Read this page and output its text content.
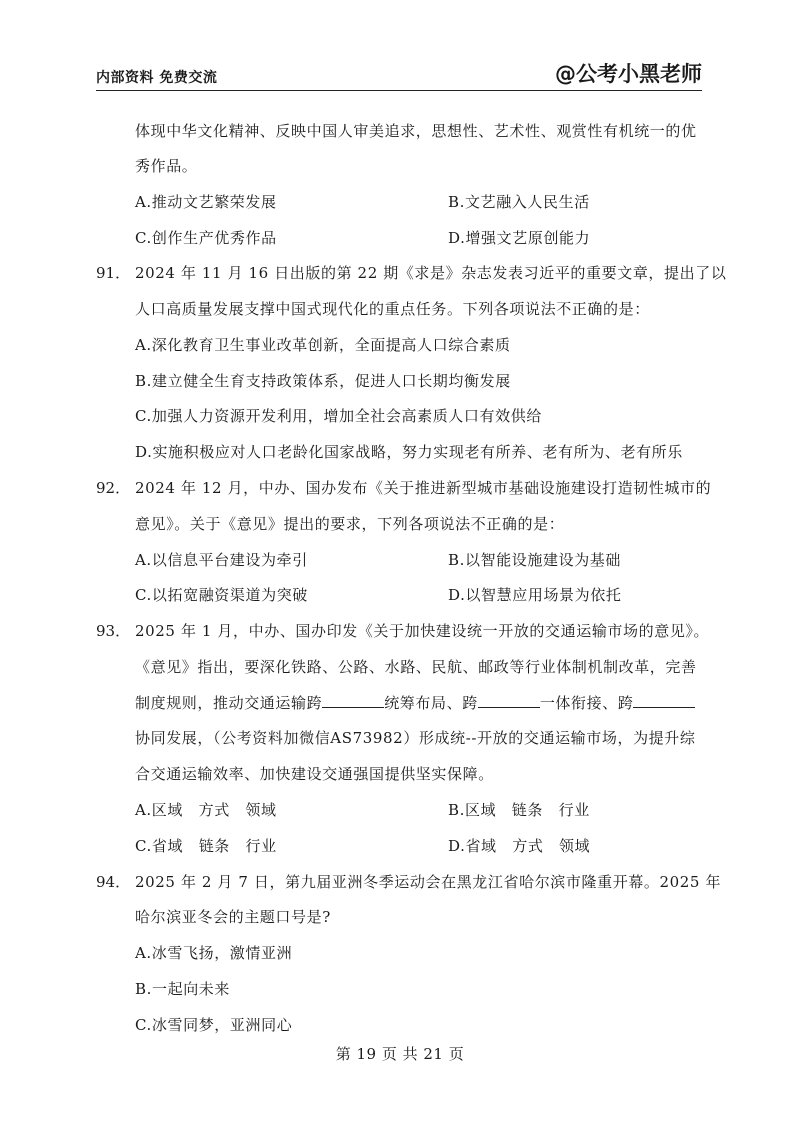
内部资料 免费交流	@公考小黑老师
体现中华文化精神、反映中国人审美追求，思想性、艺术性、观赏性有机统一的优
秀作品。
A.推动文艺繁荣发展	B.文艺融入人民生活
C.创作生产优秀作品	D.增强文艺原创能力
91． 2024 年 11 月 16 日出版的第 22 期《求是》杂志发表习近平的重要文章，提出了以
人口高质量发展支撑中国式现代化的重点任务。下列各项说法不正确的是：
A.深化教育卫生事业改革创新，全面提高人口综合素质
B.建立健全生育支持政策体系，促进人口长期均衡发展
C.加强人力资源开发利用，增加全社会高素质人口有效供给
D.实施积极应对人口老龄化国家战略，努力实现老有所养、老有所为、老有所乐
92． 2024 年 12 月，中办、国办发布《关于推进新型城市基础设施建设打造韧性城市的
意见》。关于《意见》提出的要求，下列各项说法不正确的是：
A.以信息平台建设为牵引	B.以智能设施建设为基础
C.以拓宽融资渠道为突破	D.以智慧应用场景为依托
93． 2025 年 1 月，中办、国办印发《关于加快建设统一开放的交通运输市场的意见》。
《意见》指出，要深化铁路、公路、水路、民航、邮政等行业体制机制改革，完善
制度规则，推动交通运输跨	统筹布局、跨	一体衔接、跨
协同发展，（公考资料加微信AS73982）形成统--开放的交通运输市场，为提升综
合交通运输效率、加快建设交通强国提供坚实保障。
A.区域　方式　领域	B.区域　链条　行业
C.省域　链条　行业	D.省域　方式　领域
94． 2025 年 2 月 7 日，第九届亚洲冬季运动会在黑龙江省哈尔滨市隆重开幕。2025 年
哈尔滨亚冬会的主题口号是?
A.冰雪飞扬，激情亚洲
B.一起向未来
C.冰雪同梦，亚洲同心
第 19 页 共 21 页
